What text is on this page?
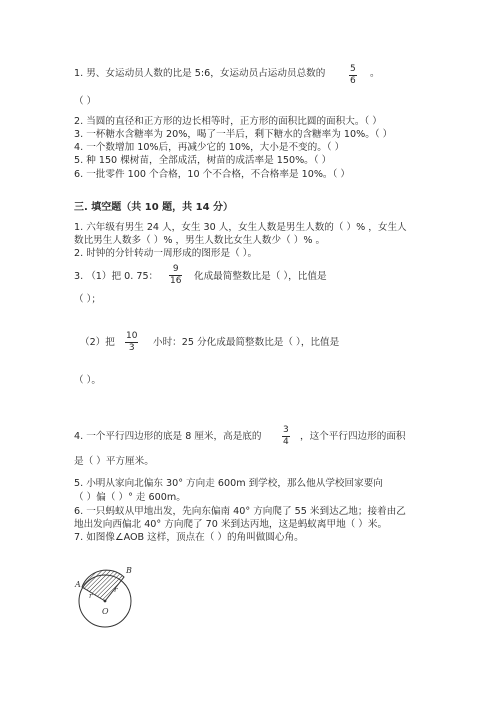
1. 男、女运动员人数的比是 5:6，女运动员占运动员总数的	$\frac{5}{6}$ 。
（ ）
2. 当圆的直径和正方形的边长相等时，正方形的面积比圆的面积大。（ ）
3. 一杯糖水含糖率为 20%，喝了一半后，剩下糖水的含糖率为 10%。（ ）
4. 一个数增加 10%后，再减少它的 10%，大小是不变的。（ ）
5. 种 150 棵树苗，全部成活，树苗的成活率是 150%。（ ）
6. 一批零件 100 个合格，10 个不合格，不合格率是 10%。（ ）
三. 填空题（共 10 题，共 14 分）
1. 六年级有男生 24 人，女生 30 人，女生人数是男生人数的（ ）% ，女生人
数比男生人数多（ ）% ，男生人数比女生人数少（ ）% 。
2. 时钟的分针转动一周形成的图形是（ ）。
3. （1）把 0. 75： $\frac{9}{16}$ 化成最简整数比是（ ），比值是
（ ）；
（2）把 $\frac{10}{3}$ 小时：25 分化成最简整数比是（ ），比值是
（ ）。
4. 一个平行四边形的底是 8 厘米，高是底的 $\frac{3}{4}$ ，这个平行四边形的面积
是（ ）平方厘米。
5. 小明从家向北偏东 30° 方向走 600m 到学校，那么他从学校回家要向
（ ）偏（ ）° 走 600m。
6. 一只蚂蚁从甲地出发，先向东偏南 40° 方向爬了 55 米到达乙地；接着由乙
地出发向西偏北 40° 方向爬了 70 米到达丙地，这是蚂蚁离甲地（ ）米。
7. 如图像∠AOB 这样，顶点在（ ）的角叫做圆心角。
A
B
O
r
r
